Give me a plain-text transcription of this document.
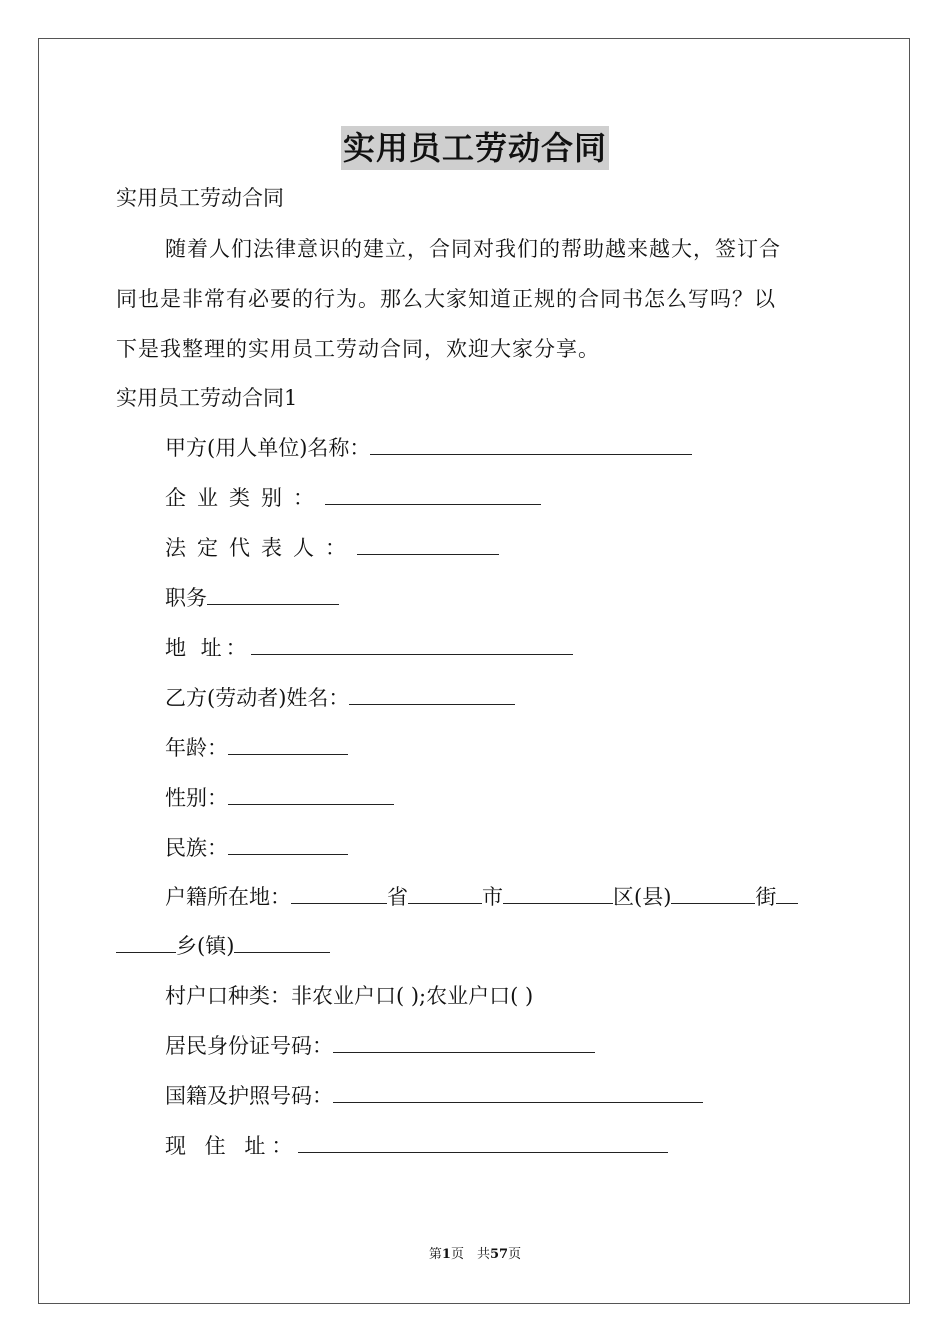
实用员工劳动合同
实用员工劳动合同
随着人们法律意识的建立，合同对我们的帮助越来越大，签订合
同也是非常有必要的行为。那么大家知道正规的合同书怎么写吗？以
下是我整理的实用员工劳动合同，欢迎大家分享。
实用员工劳动合同1
甲方(用人单位)名称：
企业类别：
法定代表人：
职务
地 址：
乙方(劳动者)姓名：
年龄：
性别：
民族：
户籍所在地：	省	市	区(县)	街
乡(镇)
村户口种类：非农业户口( );农业户口( )
居民身份证号码：
国籍及护照号码：
现 住 址：
第1页　共57页
